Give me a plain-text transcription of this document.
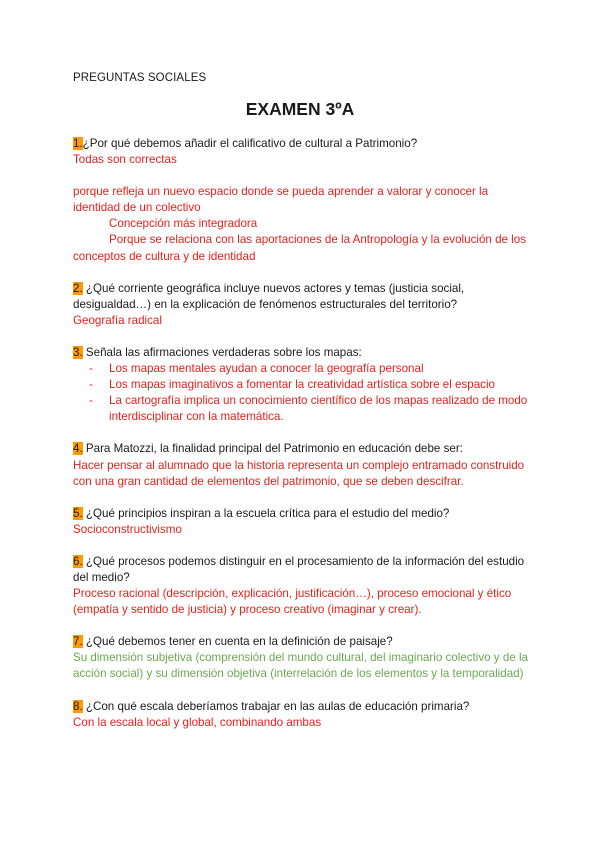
PREGUNTAS SOCIALES
EXAMEN 3ºA

1.¿Por qué debemos añadir el calificativo de cultural a Patrimonio?

Todas son correctas

porque refleja un nuevo espacio donde se pueda aprender a valorar y conocer la identidad de un colectivo

Concepción más integradora

Porque se relaciona con las aportaciones de la Antropología y la evolución de los conceptos de cultura y de identidad

2. ¿Qué corriente geográfica incluye nuevos actores y temas (justicia social, desigualdad…) en la explicación de fenómenos estructurales del territorio?

Geografía radical

3. Señala las afirmaciones verdaderas sobre los mapas:

- Los mapas mentales ayudan a conocer la geografía personal
- Los mapas imaginativos a fomentar la creatividad artística sobre el espacio
- La cartografía implica un conocimiento científico de los mapas realizado de modo interdisciplinar con la matemática.

4. Para Matozzi, la finalidad principal del Patrimonio en educación debe ser:

Hacer pensar al alumnado que la historia representa un complejo entramado construido con una gran cantidad de elementos del patrimonio, que se deben descifrar.

5. ¿Qué principios inspiran a la escuela crítica para el estudio del medio?

Socioconstructivismo

6. ¿Qué procesos podemos distinguir en el procesamiento de la información del estudio del medio?

Proceso racional (descripción, explicación, justificación…), proceso emocional y ético (empatía y sentido de justicia) y proceso creativo (imaginar y crear).

7. ¿Qué debemos tener en cuenta en la definición de paisaje?

Su dimensión subjetiva (comprensión del mundo cultural, del imaginario colectivo y de la acción social) y su dimensión objetiva (interrelación de los elementos y la temporalidad)

8. ¿Con qué escala deberíamos trabajar en las aulas de educación primaria?

Con la escala local y global, combinando ambas
